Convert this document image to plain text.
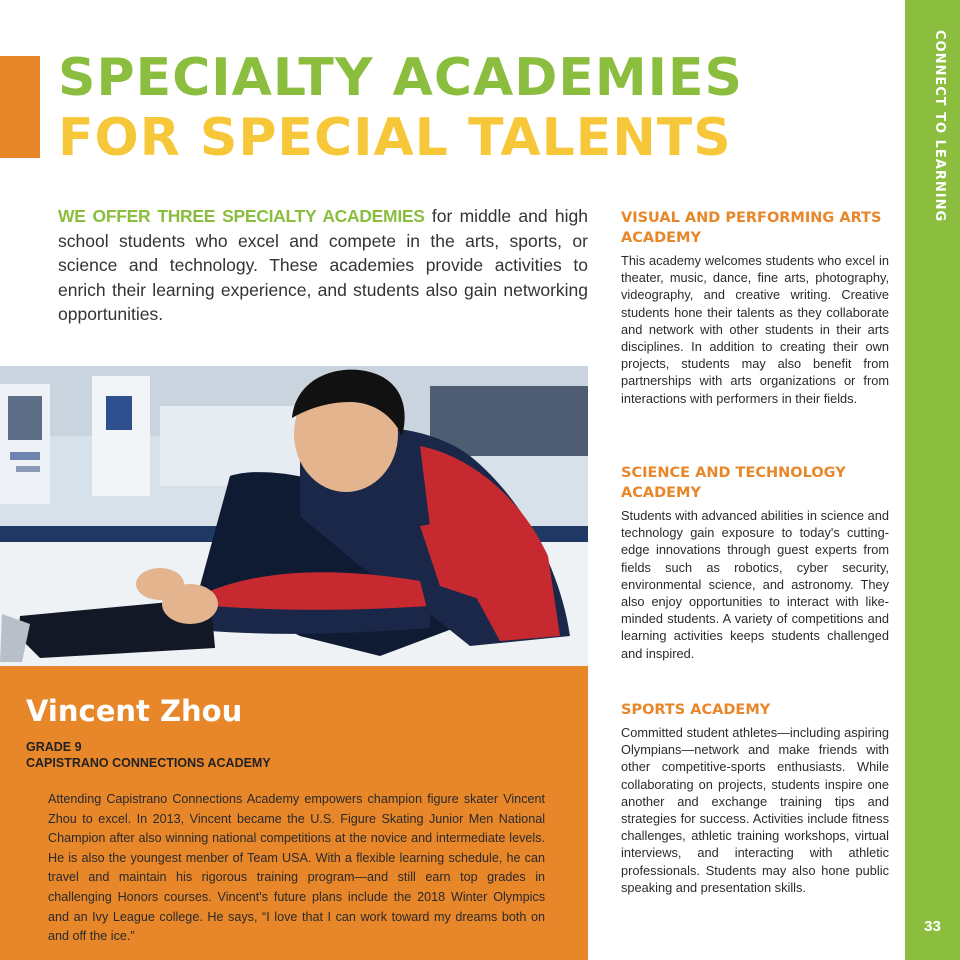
SPECIALTY ACADEMIES
FOR SPECIAL TALENTS

WE OFFER THREE SPECIALTY ACADEMIES for middle and high school students who excel and compete in the arts, sports, or science and technology. These academies provide activities to enrich their learning experience, and students also gain networking opportunities.

Vincent Zhou
GRADE 9
CAPISTRANO CONNECTIONS ACADEMY

Attending Capistrano Connections Academy empowers champion figure skater Vincent Zhou to excel. In 2013, Vincent became the U.S. Figure Skating Junior Men National Champion after also winning national competitions at the novice and intermediate levels. He is also the youngest menber of Team USA. With a flexible learning schedule, he can travel and maintain his rigorous training program—and still earn top grades in challenging Honors courses. Vincent's future plans include the 2018 Winter Olympics and an Ivy League college. He says, “I love that I can work toward my dreams both on and off the ice.”

VISUAL AND PERFORMING ARTS ACADEMY

This academy welcomes students who excel in theater, music, dance, fine arts, photography, videography, and creative writing. Creative students hone their talents as they collaborate and network with other students in their arts disciplines. In addition to creating their own projects, students may also benefit from partnerships with arts organizations or from interactions with performers in their fields.

SCIENCE AND TECHNOLOGY ACADEMY

Students with advanced abilities in science and technology gain exposure to today's cutting-edge innovations through guest experts from fields such as robotics, cyber security, environmental science, and astronomy. They also enjoy opportunities to interact with like-minded students. A variety of competitions and learning activities keeps students challenged and inspired.

SPORTS ACADEMY

Committed student athletes—including aspiring Olympians—network and make friends with other competitive-sports enthusiasts. While collaborating on projects, students inspire one another and exchange training tips and strategies for success. Activities include fitness challenges, athletic training workshops, virtual interviews, and interacting with athletic professionals. Students may also hone public speaking and presentation skills.

CONNECT TO LEARNING
33
